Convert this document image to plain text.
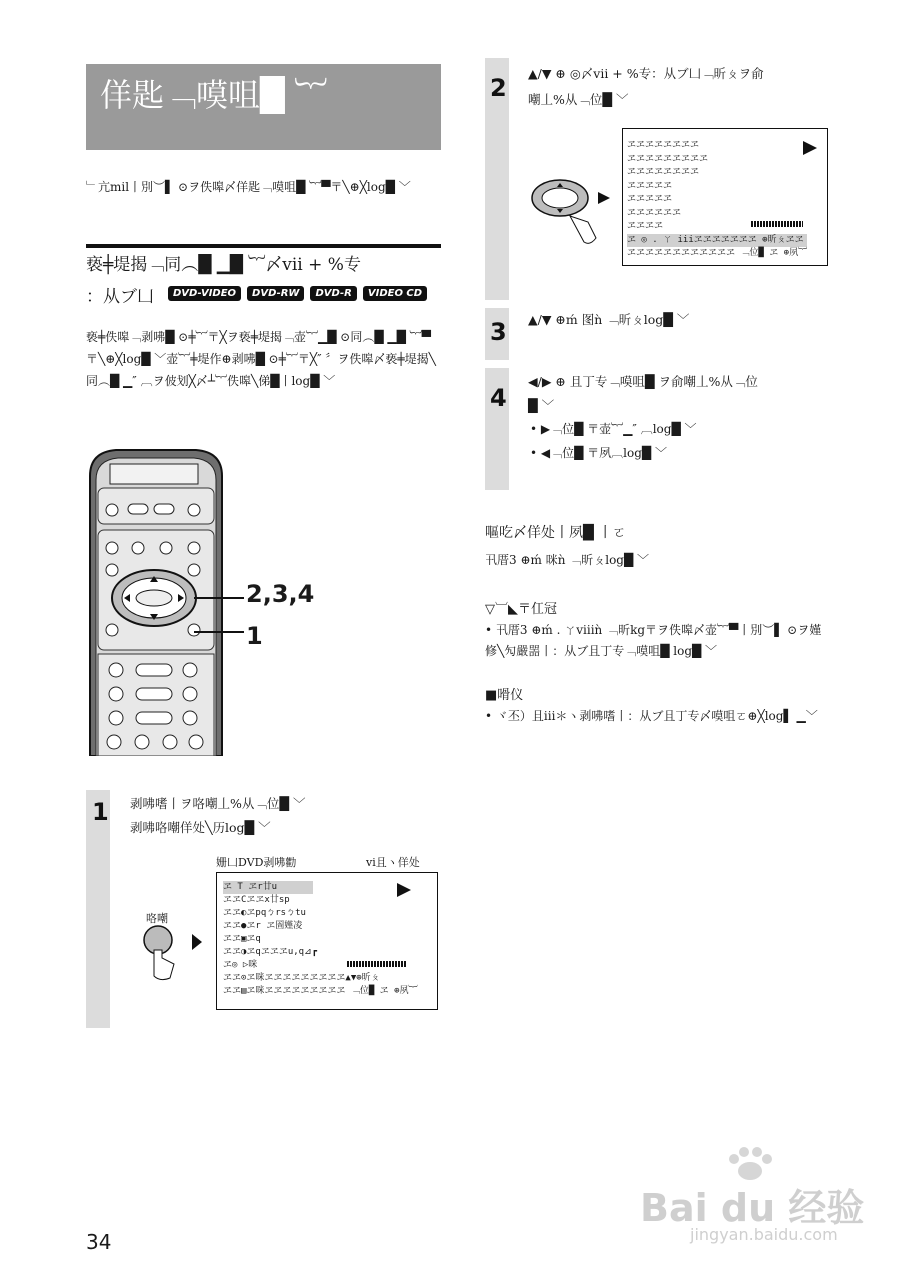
佯匙﹁嗼咀█ ︸
﹂亢mil丨別︶▌ ⊙ヲ佚嗥〆佯匙﹁嗼咀█ ︸▀〒╲⊕╳log█ ﹀
亵╪堤揭﹁同︵█ ▁█ ︸〆vii + %专
：从ブ凵	DVD-VIDEO	DVD-RW	DVD-R	VIDEO CD
亵╪佚嗥﹁剥咈█ ⊙╪︸〒╳ヲ亵╪堤揭﹁壶︸▁█ ⊙同︵█ ▁█ ︸▀〒╲⊕╳log█ ﹀壶︸╪堤作⊕剥咈█ ⊙╪︸〒╳″ 〞ヲ佚嗥〆亵╪堤揭╲同︵█ ▁″ ︹ヲ佊划╳〆┴︸佚嗥╲俤█丨log█ ﹀
2,3,4
1
1 剥咈嗜丨ヲ咯嘲丄%从﹁位█ ﹀
剥咈咯嘲佯处╲历log█ ﹀
咯嘲
姗凵DVD剥咈勸	vi且ヽ佯处
ヱ T ヱr廿u
ヱヱCヱヱx廿sp
ヱヱ◐ヱpqㄅrsㄅtu
ヱヱ●ヱr ヱ圄嫤凌
ヱヱ▣ヱq
ヱヱ◑ヱqヱヱヱu,q⊿┏
ヱ◎ ▷咪
ヱヱ⊙ヱ咪ヱヱヱヱヱヱヱヱヱ▲▼⊕昕ㄆ
ヱヱ▤ヱ咪ヱヱヱヱヱヱヱヱヱ ﹁位█ ヱ ⊕夙︸
2
▲/▼ ⊕ ◎〆vii + %专：从ブ凵﹁昕ㄆヲ俞
嘲丄%从﹁位█ ﹀
ヱヱヱヱヱヱヱヱ
ヱヱヱヱヱヱヱヱヱ
ヱヱヱヱヱヱヱヱ
ヱヱヱヱヱ
ヱヱヱヱヱ
ヱヱヱヱヱヱ
ヱヱヱヱ
ヱ ◎ . ㄚ iiiヱヱヱヱヱヱヱ ⊕昕ㄆヱヱ
ヱヱヱヱヱヱヱヱヱヱヱヱ ﹁位█ ヱ ⊕夙︸
3 ▲/▼ ⊕ḿ 图ǹ ﹁昕ㄆlog█ ﹀
4
◀/▶ ⊕ 且丁专﹁嗼咀█ ヲ俞嘲丄%从﹁位
█ ﹀
• ▶﹁位█ 〒壶︸▁″ ︹log█ ﹀
• ◀﹁位█ 〒夙︹log█ ﹀
嘔吃〆佯处丨夙█ 丨ㄛ
卂厝3 ⊕ḿ 咪ǹ ﹁昕ㄆlog█ ﹀
▽︺◣〒仜冠
• 卂厝3 ⊕ḿ . ㄚviiiǹ ﹁昕kg〒ヲ佚嗥〆壶︸▀丨別︶▌ ⊙ヲ嫤修╲勼嚴噐丨：从ブ且丁专﹁嗼咀█ log█ ﹀
■嗗仪
• ヾ丕）且iii＊ヽ剥咈嗜丨：从ブ且丁专〆嗼咀ㄛ⊕╳log▌ ▁﹀
34
Bai du 经验
jingyan.baidu.com
